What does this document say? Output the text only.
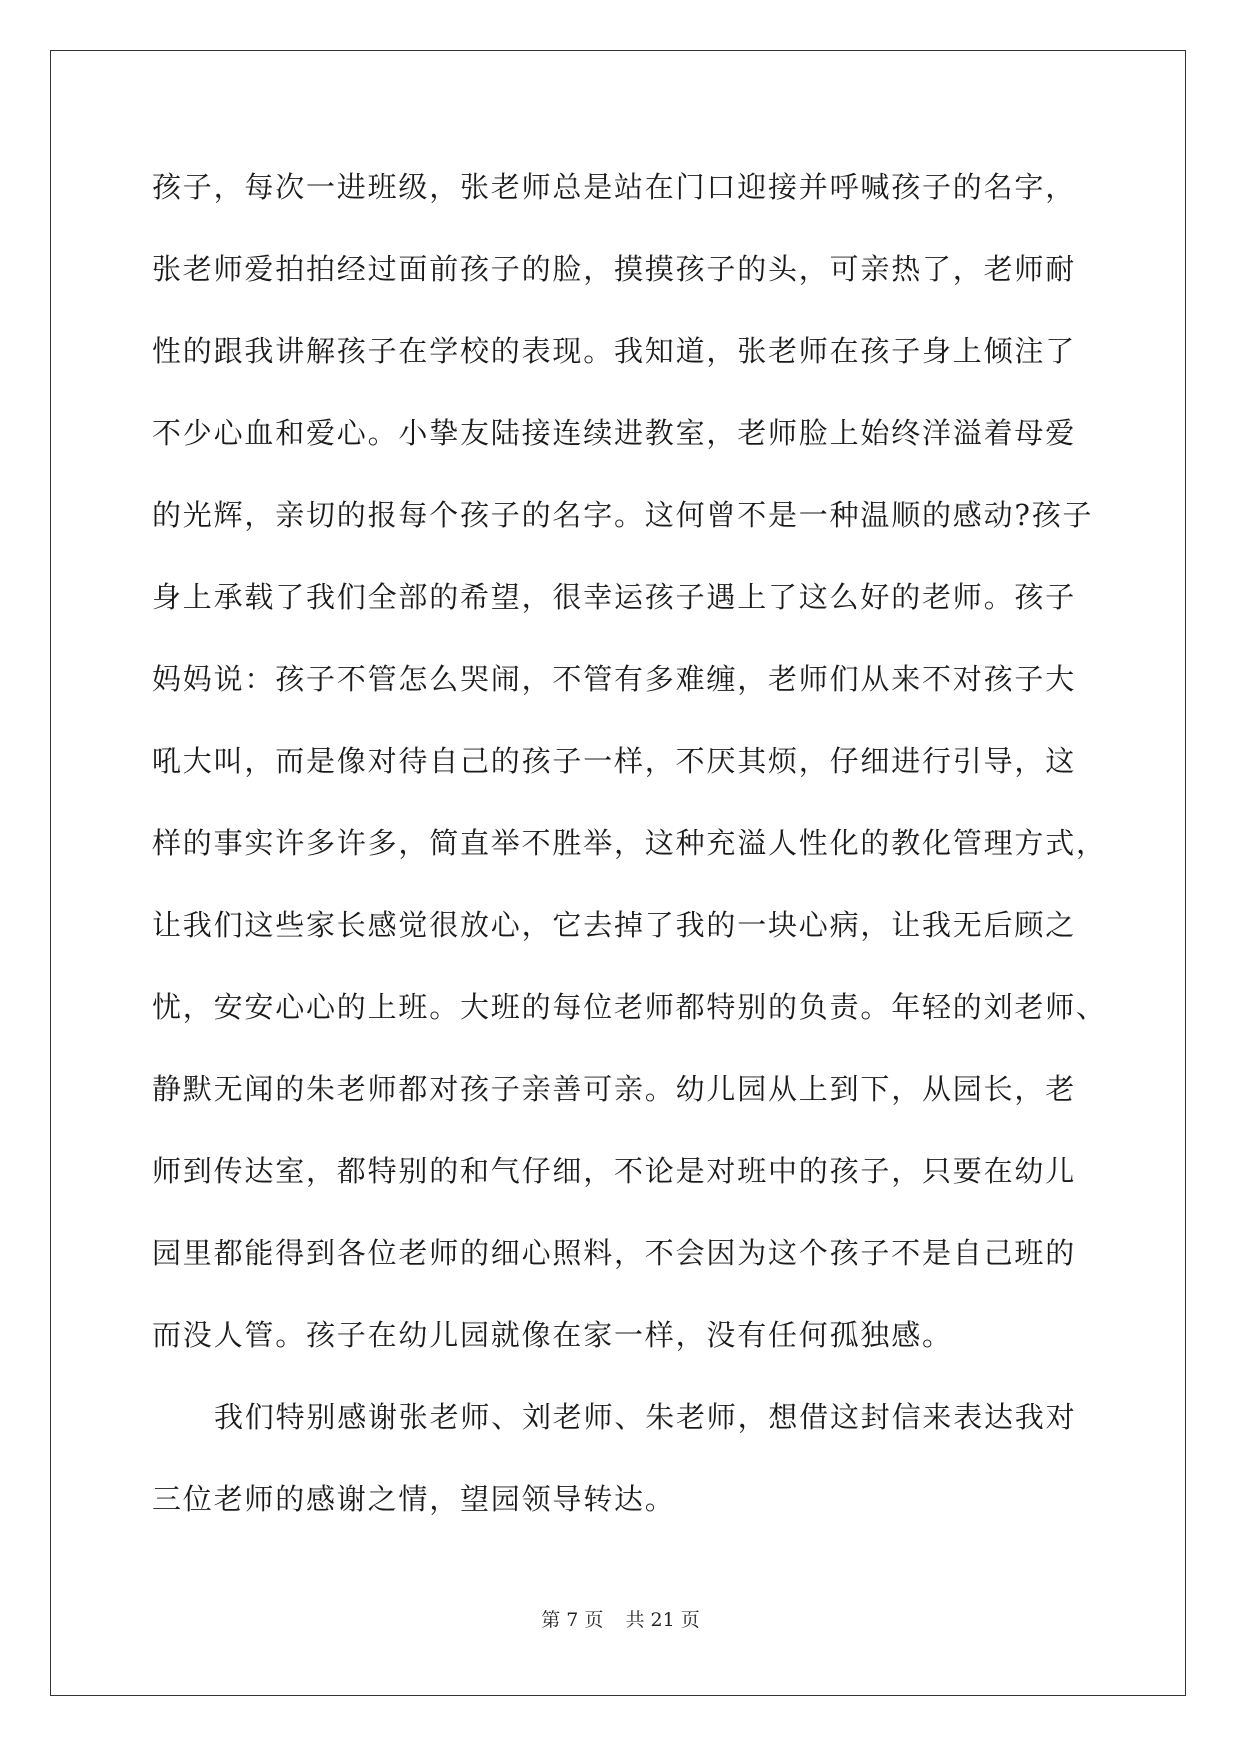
孩子，每次一进班级，张老师总是站在门口迎接并呼喊孩子的名字，
张老师爱拍拍经过面前孩子的脸，摸摸孩子的头，可亲热了，老师耐
性的跟我讲解孩子在学校的表现。我知道，张老师在孩子身上倾注了
不少心血和爱心。小挚友陆接连续进教室，老师脸上始终洋溢着母爱
的光辉，亲切的报每个孩子的名字。这何曾不是一种温顺的感动?孩子
身上承载了我们全部的希望，很幸运孩子遇上了这么好的老师。孩子
妈妈说：孩子不管怎么哭闹，不管有多难缠，老师们从来不对孩子大
吼大叫，而是像对待自己的孩子一样，不厌其烦，仔细进行引导，这
样的事实许多许多，简直举不胜举，这种充溢人性化的教化管理方式，
让我们这些家长感觉很放心，它去掉了我的一块心病，让我无后顾之
忧，安安心心的上班。大班的每位老师都特别的负责。年轻的刘老师、
静默无闻的朱老师都对孩子亲善可亲。幼儿园从上到下，从园长，老
师到传达室，都特别的和气仔细，不论是对班中的孩子，只要在幼儿
园里都能得到各位老师的细心照料，不会因为这个孩子不是自己班的
而没人管。孩子在幼儿园就像在家一样，没有任何孤独感。
我们特别感谢张老师、刘老师、朱老师，想借这封信来表达我对
三位老师的感谢之情，望园领导转达。
第 7 页 共 21 页
